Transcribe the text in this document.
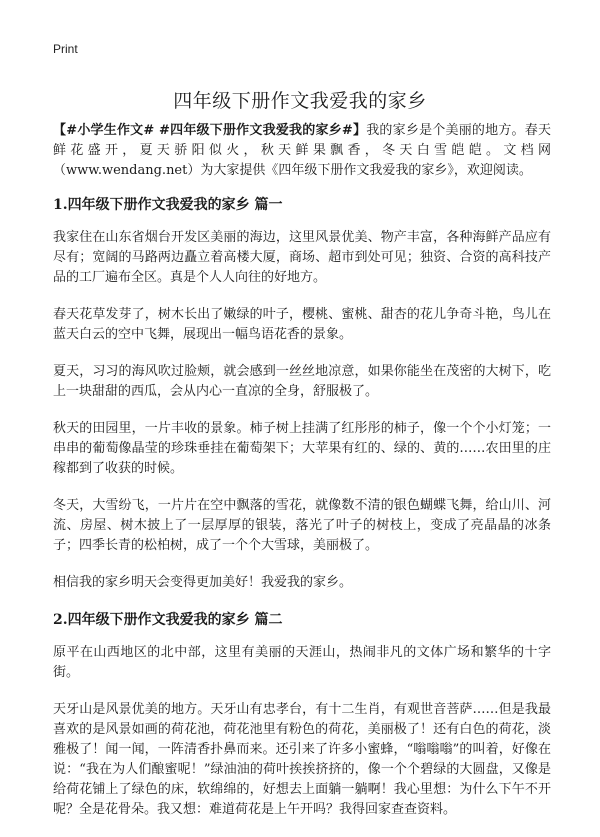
Print
四年级下册作文我爱我的家乡

【#小学生作文# #四年级下册作文我爱我的家乡#】我的家乡是个美丽的地方。春天鲜花盛开，夏天骄阳似火，秋天鲜果飘香，冬天白雪皑皑。文档网（www.wendang.net）为大家提供《四年级下册作文我爱我的家乡》，欢迎阅读。

1.四年级下册作文我爱我的家乡 篇一

我家住在山东省烟台开发区美丽的海边，这里风景优美、物产丰富，各种海鲜产品应有尽有；宽阔的马路两边矗立着高楼大厦，商场、超市到处可见；独资、合资的高科技产品的工厂遍布全区。真是个人人向往的好地方。

春天花草发芽了，树木长出了嫩绿的叶子，樱桃、蜜桃、甜杏的花儿争奇斗艳，鸟儿在蓝天白云的空中飞舞，展现出一幅鸟语花香的景象。

夏天，习习的海风吹过脸颊，就会感到一丝丝地凉意，如果你能坐在茂密的大树下，吃上一块甜甜的西瓜，会从内心一直凉的全身，舒服极了。

秋天的田园里，一片丰收的景象。柿子树上挂满了红彤彤的柿子，像一个个小灯笼；一串串的葡萄像晶莹的珍珠垂挂在葡萄架下；大苹果有红的、绿的、黄的……农田里的庄稼都到了收获的时候。

冬天，大雪纷飞，一片片在空中飘落的雪花，就像数不清的银色蝴蝶飞舞，给山川、河流、房屋、树木披上了一层厚厚的银装，落光了叶子的树枝上，变成了亮晶晶的冰条子；四季长青的松柏树，成了一个个大雪球，美丽极了。

相信我的家乡明天会变得更加美好！我爱我的家乡。

2.四年级下册作文我爱我的家乡 篇二

原平在山西地区的北中部，这里有美丽的天涯山，热闹非凡的文体广场和繁华的十字街。

天牙山是风景优美的地方。天牙山有忠孝台，有十二生肖，有观世音菩萨……但是我最喜欢的是风景如画的荷花池，荷花池里有粉色的荷花，美丽极了！还有白色的荷花，淡雅极了！闻一闻，一阵清香扑鼻而来。还引来了许多小蜜蜂，“嗡嗡嗡”的叫着，好像在说：“我在为人们酿蜜呢！”绿油油的荷叶挨挨挤挤的，像一个个碧绿的大圆盘，又像是给荷花铺上了绿色的床，软绵绵的，好想去上面躺一躺啊！我心里想：为什么下午不开呢？全是花骨朵。我又想：难道荷花是上午开吗？我得回家查查资料。
